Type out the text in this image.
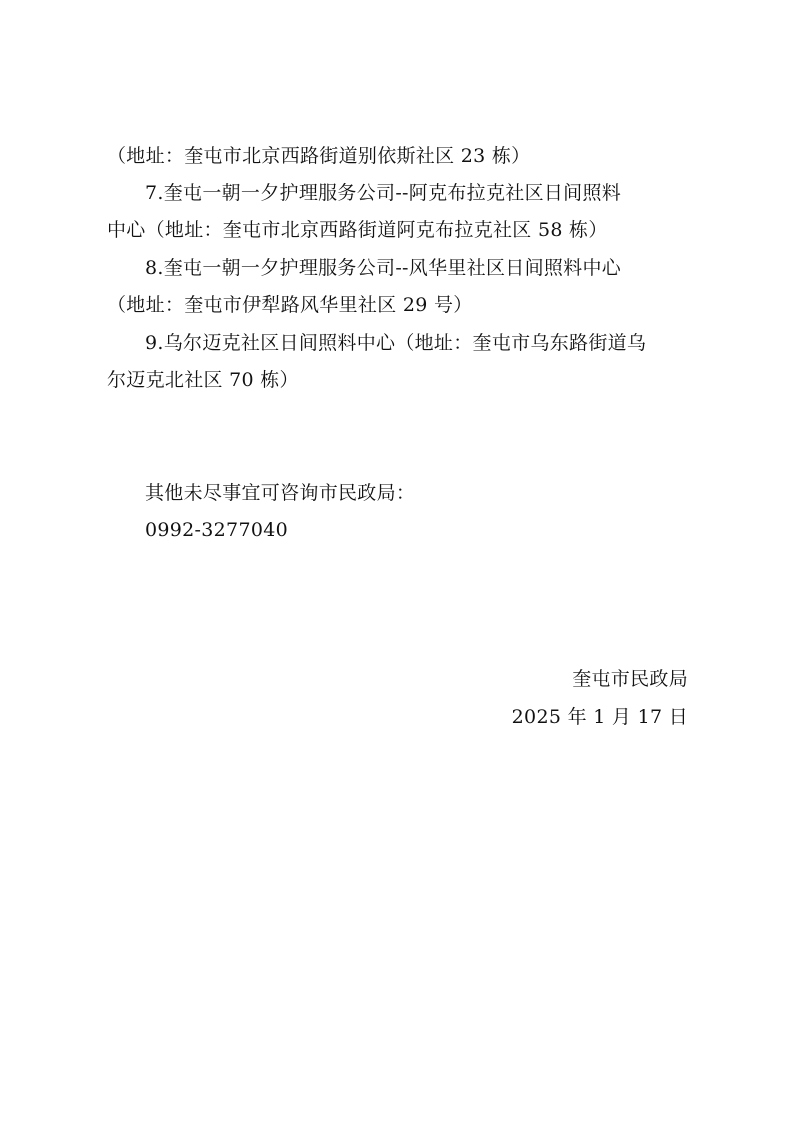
（地址：奎屯市北京西路街道别依斯社区 23 栋）
7.奎屯一朝一夕护理服务公司--阿克布拉克社区日间照料
中心（地址：奎屯市北京西路街道阿克布拉克社区 58 栋）
8.奎屯一朝一夕护理服务公司--风华里社区日间照料中心
（地址：奎屯市伊犁路风华里社区 29 号）
9.乌尔迈克社区日间照料中心（地址：奎屯市乌东路街道乌
尔迈克北社区 70 栋）
其他未尽事宜可咨询市民政局：
0992-3277040
奎屯市民政局
2025 年 1 月 17 日
